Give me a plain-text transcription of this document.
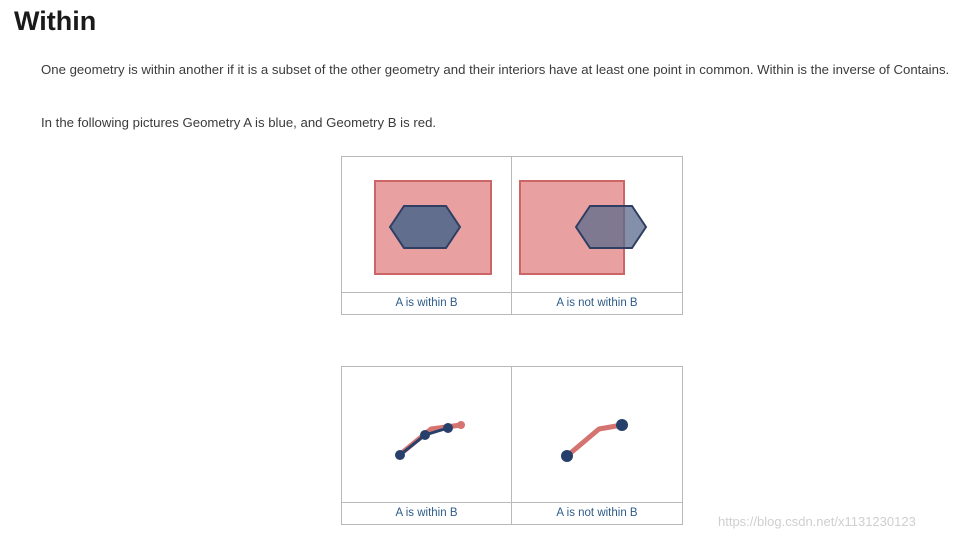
Within
One geometry is within another if it is a subset of the other geometry and their interiors have at least one point in common. Within is the inverse of Contains.
In the following pictures Geometry A is blue, and Geometry B is red.
A is within B	A is not within B
A is within B	A is not within B
https://blog.csdn.net/x1131230123
